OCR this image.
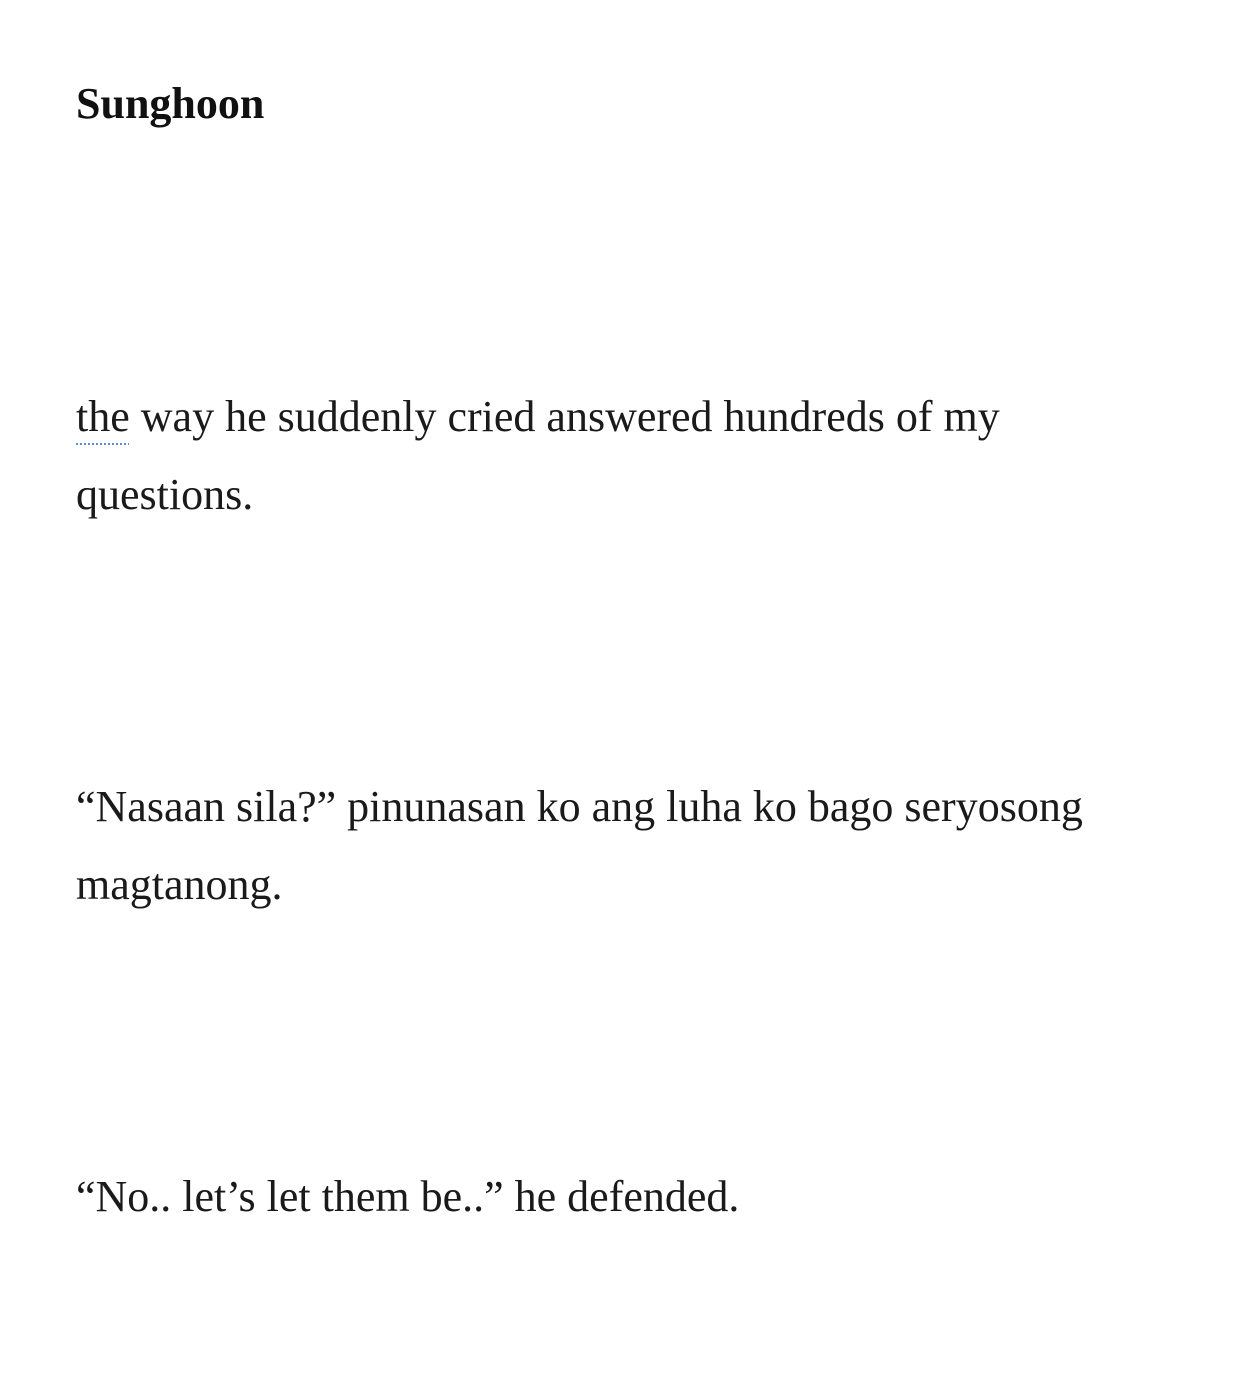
Sunghoon

the way he suddenly cried answered hundreds of my questions.

“Nasaan sila?” pinunasan ko ang luha ko bago seryosong magtanong.

“No.. let’s let them be..” he defended.
